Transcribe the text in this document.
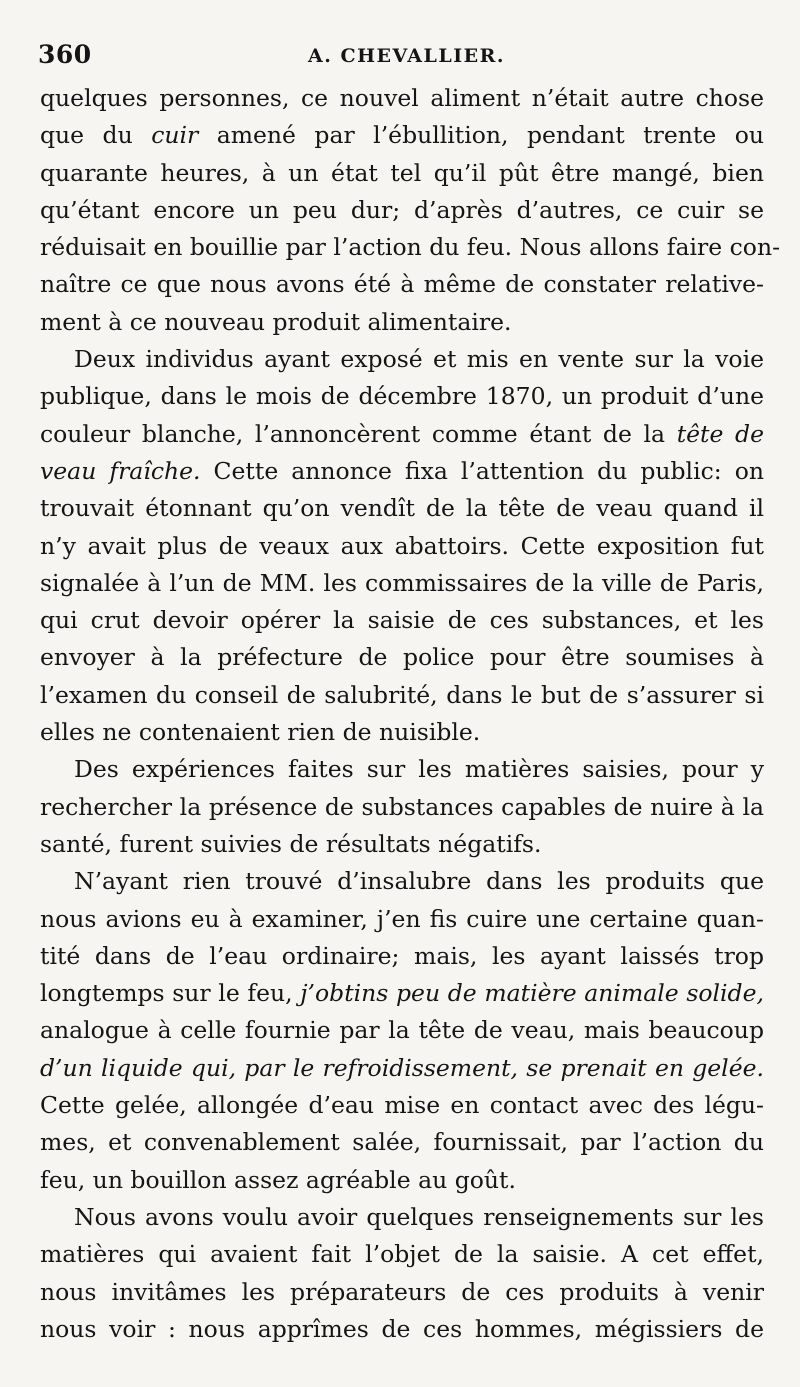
360	A. CHEVALLIER.
quelques personnes, ce nouvel aliment n’était autre chose
que du cuir amené par l’ébullition, pendant trente ou
quarante heures, à un état tel qu’il pût être mangé, bien
qu’étant encore un peu dur; d’après d’autres, ce cuir se
réduisait en bouillie par l’action du feu. Nous allons faire con-
naître ce que nous avons été à même de constater relative-
ment à ce nouveau produit alimentaire.
Deux individus ayant exposé et mis en vente sur la voie
publique, dans le mois de décembre 1870, un produit d’une
couleur blanche, l’annoncèrent comme étant de la tête de
veau fraîche. Cette annonce fixa l’attention du public: on
trouvait étonnant qu’on vendît de la tête de veau quand il
n’y avait plus de veaux aux abattoirs. Cette exposition fut
signalée à l’un de MM. les commissaires de la ville de Paris,
qui crut devoir opérer la saisie de ces substances, et les
envoyer à la préfecture de police pour être soumises à
l’examen du conseil de salubrité, dans le but de s’assurer si
elles ne contenaient rien de nuisible.
Des expériences faites sur les matières saisies, pour y
rechercher la présence de substances capables de nuire à la
santé, furent suivies de résultats négatifs.
N’ayant rien trouvé d’insalubre dans les produits que
nous avions eu à examiner, j’en fis cuire une certaine quan-
tité dans de l’eau ordinaire; mais, les ayant laissés trop
longtemps sur le feu, j’obtins peu de matière animale solide,
analogue à celle fournie par la tête de veau, mais beaucoup
d’un liquide qui, par le refroidissement, se prenait en gelée.
Cette gelée, allongée d’eau mise en contact avec des légu-
mes, et convenablement salée, fournissait, par l’action du
feu, un bouillon assez agréable au goût.
Nous avons voulu avoir quelques renseignements sur les
matières qui avaient fait l’objet de la saisie. A cet effet,
nous invitâmes les préparateurs de ces produits à venir
nous voir : nous apprîmes de ces hommes, mégissiers de
